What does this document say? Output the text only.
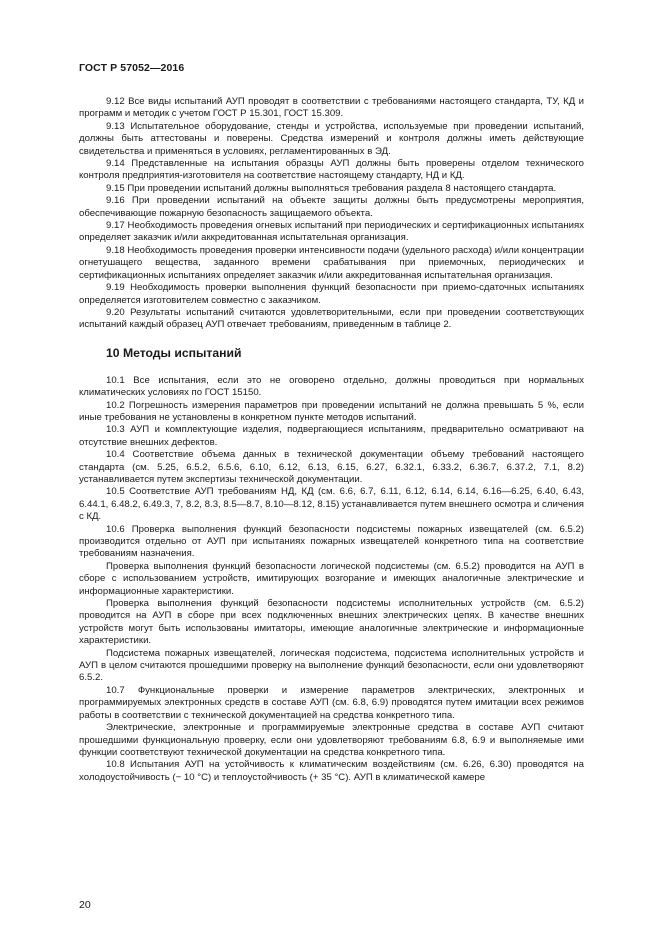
ГОСТ Р 57052—2016

9.12 Все виды испытаний АУП проводят в соответствии с требованиями настоящего стандарта, ТУ, КД и программ и методик с учетом ГОСТ Р 15.301, ГОСТ 15.309.

9.13 Испытательное оборудование, стенды и устройства, используемые при проведении испытаний, должны быть аттестованы и поверены. Средства измерений и контроля должны иметь действующие свидетельства и применяться в условиях, регламентированных в ЭД.

9.14 Представленные на испытания образцы АУП должны быть проверены отделом технического контроля предприятия-изготовителя на соответствие настоящему стандарту, НД и КД.

9.15 При проведении испытаний должны выполняться требования раздела 8 настоящего стандарта.

9.16 При проведении испытаний на объекте защиты должны быть предусмотрены мероприятия, обеспечивающие пожарную безопасность защищаемого объекта.

9.17 Необходимость проведения огневых испытаний при периодических и сертификационных испытаниях определяет заказчик и/или аккредитованная испытательная организация.

9.18 Необходимость проведения проверки интенсивности подачи (удельного расхода) и/или концентрации огнетушащего вещества, заданного времени срабатывания при приемочных, периодических и сертификационных испытаниях определяет заказчик и/или аккредитованная испытательная организация.

9.19 Необходимость проверки выполнения функций безопасности при приемо-сдаточных испытаниях определяется изготовителем совместно с заказчиком.

9.20 Результаты испытаний считаются удовлетворительными, если при проведении соответствующих испытаний каждый образец АУП отвечает требованиям, приведенным в таблице 2.

10 Методы испытаний

10.1 Все испытания, если это не оговорено отдельно, должны проводиться при нормальных климатических условиях по ГОСТ 15150.

10.2 Погрешность измерения параметров при проведении испытаний не должна превышать 5 %, если иные требования не установлены в конкретном пункте методов испытаний.

10.3 АУП и комплектующие изделия, подвергающиеся испытаниям, предварительно осматривают на отсутствие внешних дефектов.

10.4 Соответствие объема данных в технической документации объему требований настоящего стандарта (см. 5.25, 6.5.2, 6.5.6, 6.10, 6.12, 6.13, 6.15, 6.27, 6.32.1, 6.33.2, 6.36.7, 6.37.2, 7.1, 8.2) устанавливается путем экспертизы технической документации.

10.5 Соответствие АУП требованиям НД, КД (см. 6.6, 6.7, 6.11, 6.12, 6.14, 6.14, 6.16—6.25, 6.40, 6.43, 6.44.1, 6.48.2, 6.49.3, 7, 8.2, 8.3, 8.5—8.7, 8.10—8.12, 8.15) устанавливается путем внешнего осмотра и сличения с КД.

10.6 Проверка выполнения функций безопасности подсистемы пожарных извещателей (см. 6.5.2) производится отдельно от АУП при испытаниях пожарных извещателей конкретного типа на соответствие требованиям назначения.

Проверка выполнения функций безопасности логической подсистемы (см. 6.5.2) проводится на АУП в сборе с использованием устройств, имитирующих возгорание и имеющих аналогичные электрические и информационные характеристики.

Проверка выполнения функций безопасности подсистемы исполнительных устройств (см. 6.5.2) проводится на АУП в сборе при всех подключенных внешних электрических цепях. В качестве внешних устройств могут быть использованы имитаторы, имеющие аналогичные электрические и информационные характеристики.

Подсистема пожарных извещателей, логическая подсистема, подсистема исполнительных устройств и АУП в целом считаются прошедшими проверку на выполнение функций безопасности, если они удовлетворяют 6.5.2.

10.7 Функциональные проверки и измерение параметров электрических, электронных и программируемых электронных средств в составе АУП (см. 6.8, 6.9) проводятся путем имитации всех режимов работы в соответствии с технической документацией на средства конкретного типа.

Электрические, электронные и программируемые электронные средства в составе АУП считают прошедшими функциональную проверку, если они удовлетворяют требованиям 6.8, 6.9 и выполняемые ими функции соответствуют технической документации на средства конкретного типа.

10.8 Испытания АУП на устойчивость к климатическим воздействиям (см. 6.26, 6.30) проводятся на холодоустойчивость (− 10 °С) и теплоустойчивость (+ 35 °С). АУП в климатической камере

20
